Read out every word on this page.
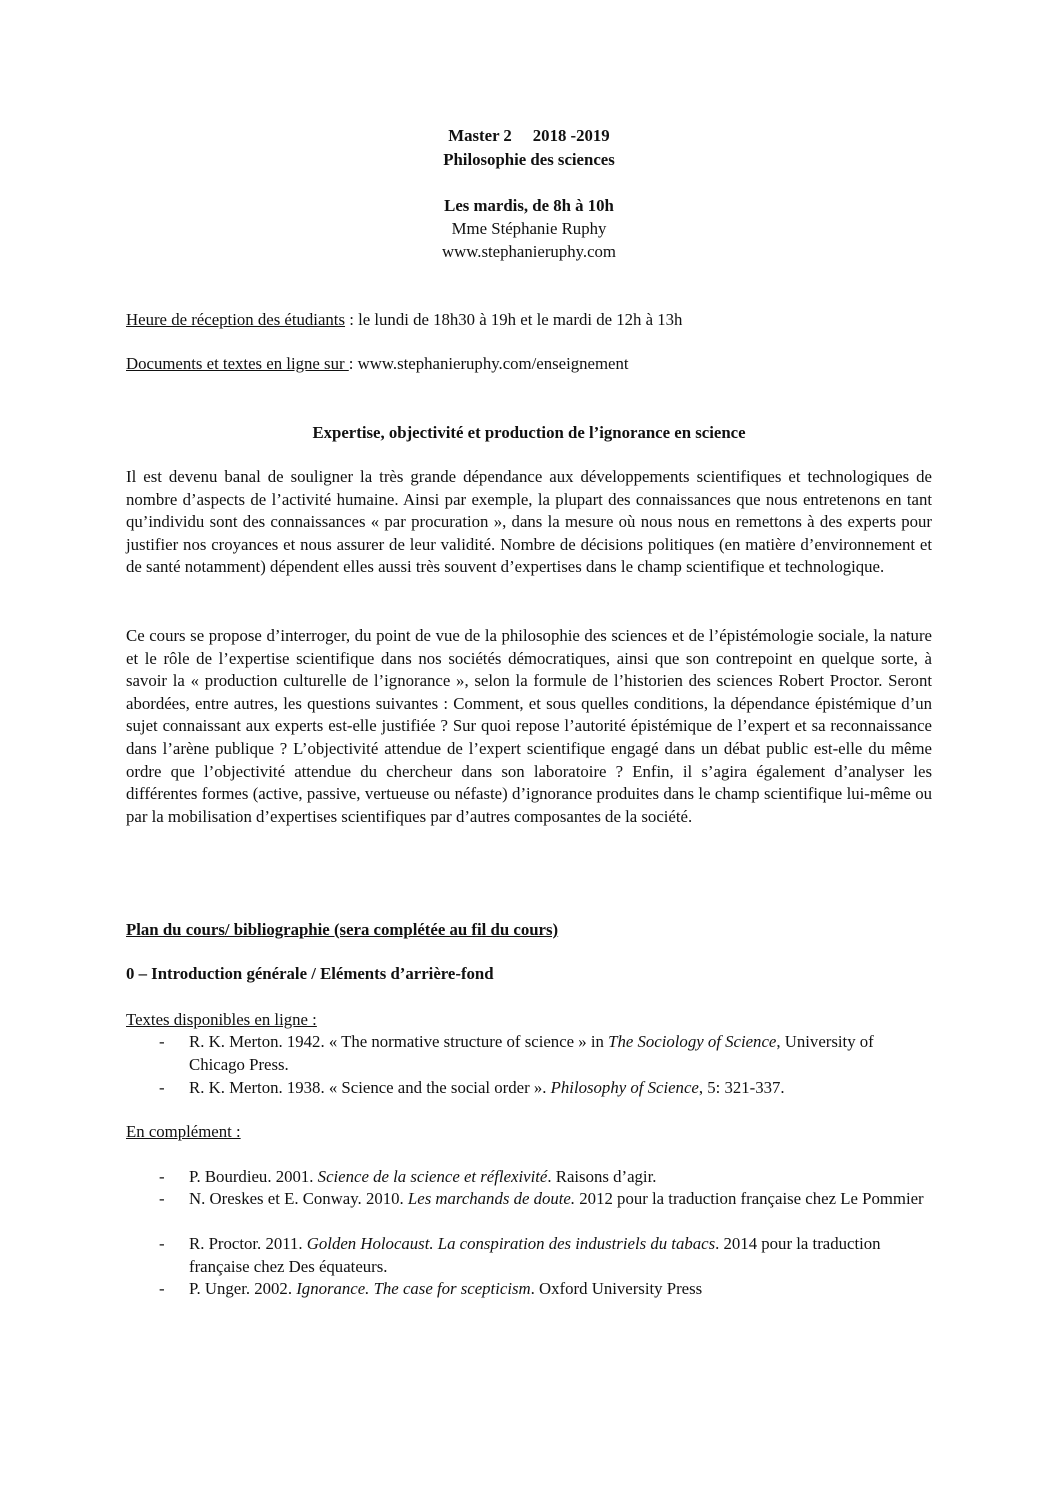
Master 2     2018 -2019
Philosophie des sciences
Les mardis, de 8h à 10h
Mme Stéphanie Ruphy
www.stephanieruphy.com
Heure de réception des étudiants : le lundi de 18h30 à 19h et le mardi de 12h à 13h
Documents et textes en ligne sur : www.stephanieruphy.com/enseignement
Expertise, objectivité et production de l’ignorance en science
Il est devenu banal de souligner la très grande dépendance aux développements scientifiques et technologiques de nombre d’aspects de l’activité humaine. Ainsi par exemple, la plupart des connaissances que nous entretenons en tant qu’individu sont des connaissances « par procuration », dans la mesure où nous nous en remettons à des experts pour justifier nos croyances et nous assurer de leur validité. Nombre de décisions politiques (en matière d’environnement et de santé notamment) dépendent elles aussi très souvent d’expertises dans le champ scientifique et technologique.
Ce cours se propose d’interroger, du point de vue de la philosophie des sciences et de l’épistémologie sociale, la nature et le rôle de l’expertise scientifique dans nos sociétés démocratiques, ainsi que son contrepoint en quelque sorte, à savoir la « production culturelle de l’ignorance », selon la formule de l’historien des sciences Robert Proctor. Seront abordées, entre autres, les questions suivantes : Comment, et sous quelles conditions, la dépendance épistémique d’un sujet connaissant aux experts est-elle justifiée ? Sur quoi repose l’autorité épistémique de l’expert et sa reconnaissance dans l’arène publique ? L’objectivité attendue de l’expert scientifique engagé dans un débat public est-elle du même ordre que l’objectivité attendue du chercheur dans son laboratoire ? Enfin, il s’agira également d’analyser les différentes formes (active, passive, vertueuse ou néfaste) d’ignorance produites dans le champ scientifique lui-même ou par la mobilisation d’expertises scientifiques par d’autres composantes de la société.
Plan du cours/ bibliographie (sera complétée au fil du cours)
0 – Introduction générale / Eléments d’arrière-fond
Textes disponibles en ligne :
- R. K. Merton. 1942. « The normative structure of science » in The Sociology of Science, University of Chicago Press.
- R. K. Merton. 1938. « Science and the social order ». Philosophy of Science, 5: 321-337.
En complément :
- P. Bourdieu. 2001. Science de la science et réflexivité. Raisons d’agir.
- N. Oreskes et E. Conway. 2010. Les marchands de doute. 2012 pour la traduction française chez Le Pommier
- R. Proctor. 2011. Golden Holocaust. La conspiration des industriels du tabacs. 2014 pour la traduction française chez Des équateurs.
- P. Unger. 2002. Ignorance. The case for scepticism. Oxford University Press
